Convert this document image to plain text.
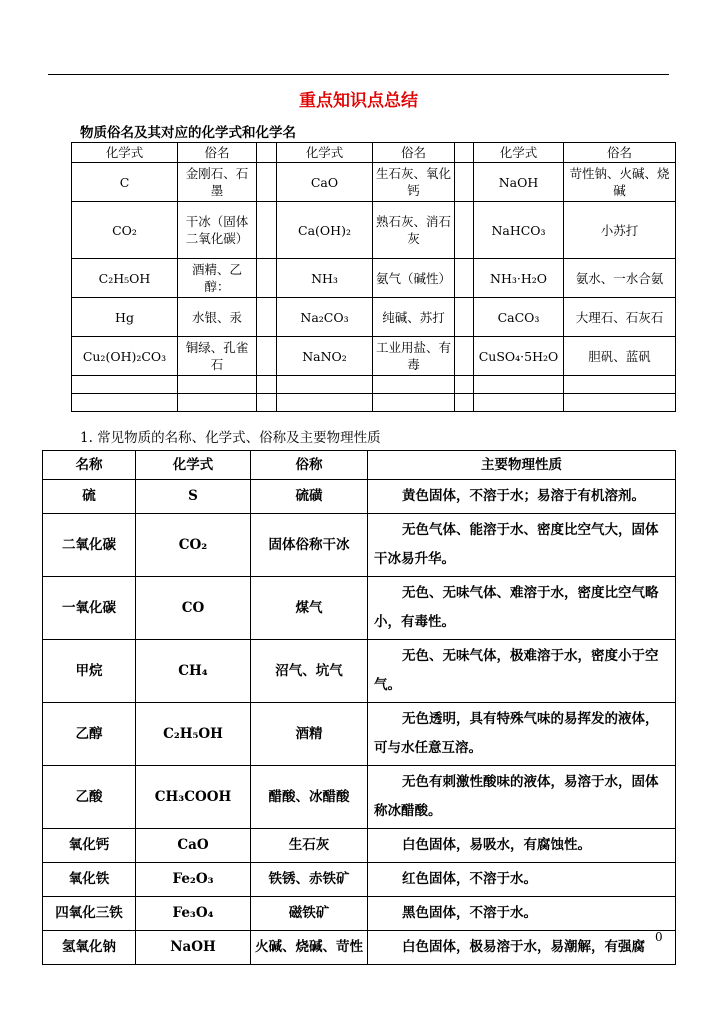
重点知识点总结
物质俗名及其对应的化学式和化学名
化学式	俗名		化学式	俗名		化学式	俗名
C	金刚石、石墨		CaO	生石灰、氧化钙		NaOH	苛性钠、火碱、烧碱
CO₂	干冰（固体二氧化碳）		Ca(OH)₂	熟石灰、消石灰		NaHCO₃	小苏打
C₂H₅OH	酒精、乙醇：		NH₃	氨气（碱性）		NH₃·H₂O	氨水、一水合氨
Hg	水银、汞		Na₂CO₃	纯碱、苏打		CaCO₃	大理石、石灰石
Cu₂(OH)₂CO₃	铜绿、孔雀石		NaNO₂	工业用盐、有毒		CuSO₄·5H₂O	胆矾、蓝矾

1. 常见物质的名称、化学式、俗称及主要物理性质
名称	化学式	俗称	主要物理性质
硫	S	硫磺	黄色固体，不溶于水；易溶于有机溶剂。
二氧化碳	CO₂	固体俗称干冰	无色气体、能溶于水、密度比空气大，固体干冰易升华。
一氧化碳	CO	煤气	无色、无味气体、难溶于水，密度比空气略小，有毒性。
甲烷	CH₄	沼气、坑气	无色、无味气体，极难溶于水，密度小于空气。
乙醇	C₂H₅OH	酒精	无色透明，具有特殊气味的易挥发的液体，可与水任意互溶。
乙酸	CH₃COOH	醋酸、冰醋酸	无色有刺激性酸味的液体，易溶于水，固体称冰醋酸。
氧化钙	CaO	生石灰	白色固体，易吸水，有腐蚀性。
氧化铁	Fe₂O₃	铁锈、赤铁矿	红色固体，不溶于水。
四氧化三铁	Fe₃O₄	磁铁矿	黑色固体，不溶于水。
氢氧化钠	NaOH	火碱、烧碱、苛性	白色固体，极易溶于水，易潮解，有强腐
0
